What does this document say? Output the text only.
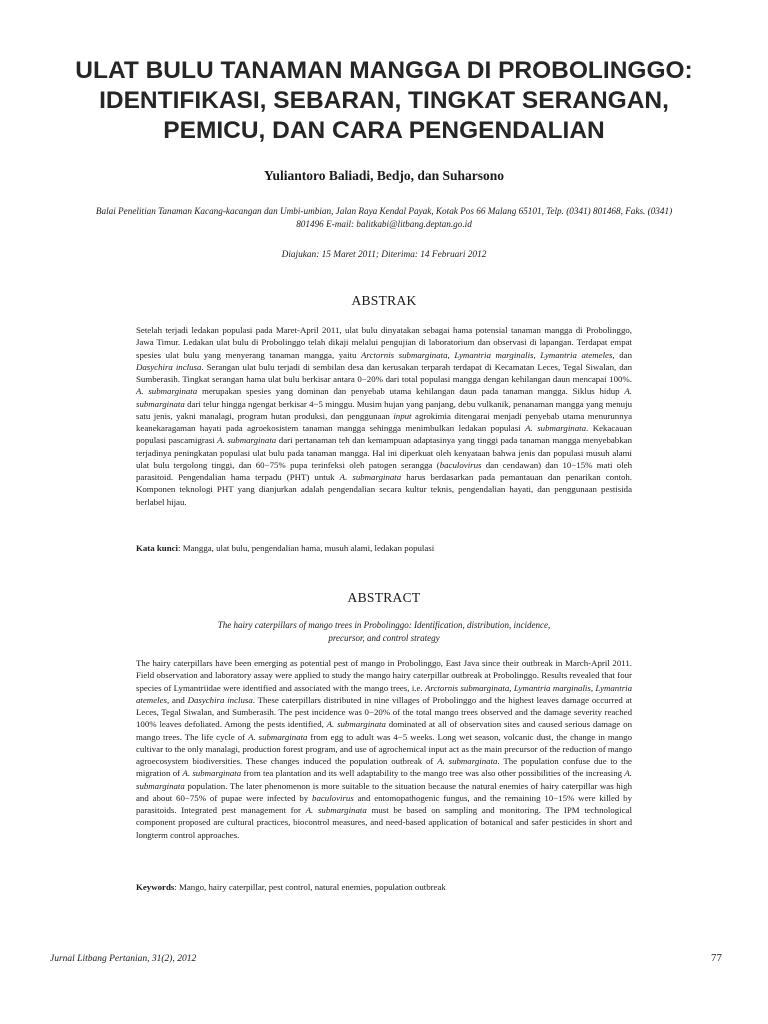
ULAT BULU TANAMAN MANGGA DI PROBOLINGGO:
IDENTIFIKASI, SEBARAN, TINGKAT SERANGAN,
PEMICU, DAN CARA PENGENDALIAN
Yuliantoro Baliadi, Bedjo, dan Suharsono
Balai Penelitian Tanaman Kacang-kacangan dan Umbi-umbian, Jalan Raya Kendal Payak, Kotak Pos 66 Malang 65101, Telp. (0341) 801468, Faks. (0341)
801496 E-mail: balitkabi@litbang.deptan.go.id
Diajukan: 15 Maret 2011; Diterima: 14 Februari 2012
ABSTRAK

Setelah terjadi ledakan populasi pada Maret-April 2011, ulat bulu dinyatakan sebagai hama potensial tanaman mangga di Probolinggo, Jawa Timur. Ledakan ulat bulu di Probolinggo telah dikaji melalui pengujian di laboratorium dan observasi di lapangan. Terdapat empat spesies ulat bulu yang menyerang tanaman mangga, yaitu Arctornis submarginata, Lymantria marginalis, Lymantria atemeles, dan Dasychira inclusa. Serangan ulat bulu terjadi di sembilan desa dan kerusakan terparah terdapat di Kecamatan Leces, Tegal Siwalan, dan Sumberasih. Tingkat serangan hama ulat bulu berkisar antara 0−20% dari total populasi mangga dengan kehilangan daun mencapai 100%. A. submarginata merupakan spesies yang dominan dan penyebab utama kehilangan daun pada tanaman mangga. Siklus hidup A. submarginata dari telur hingga ngengat berkisar 4−5 minggu. Musim hujan yang panjang, debu vulkanik, penanaman mangga yang menuju satu jenis, yakni manalagi, program hutan produksi, dan penggunaan input agrokimia ditengarai menjadi penyebab utama menurunnya keanekaragaman hayati pada agroekosistem tanaman mangga sehingga menimbulkan ledakan populasi A. submarginata. Kekacauan populasi pascamigrasi A. submarginata dari pertanaman teh dan kemampuan adaptasinya yang tinggi pada tanaman mangga menyebabkan terjadinya peningkatan populasi ulat bulu pada tanaman mangga. Hal ini diperkuat oleh kenyataan bahwa jenis dan populasi musuh alami ulat bulu tergolong tinggi, dan 60−75% pupa terinfeksi oleh patogen serangga (baculovirus dan cendawan) dan 10−15% mati oleh parasitoid. Pengendalian hama terpadu (PHT) untuk A. submarginata harus berdasarkan pada pemantauan dan penarikan contoh. Komponen teknologi PHT yang dianjurkan adalah pengendalian secara kultur teknis, pengendalian hayati, dan penggunaan pestisida berlabel hijau.

Kata kunci: Mangga, ulat bulu, pengendalian hama, musuh alami, ledakan populasi
ABSTRACT
The hairy caterpillars of mango trees in Probolinggo: Identification, distribution, incidence,
precursor, and control strategy

The hairy caterpillars have been emerging as potential pest of mango in Probolinggo, East Java since their outbreak in March-April 2011. Field observation and laboratory assay were applied to study the mango hairy caterpillar outbreak at Probolinggo. Results revealed that four species of Lymantriidae were identified and associated with the mango trees, i.e. Arctornis submarginata, Lymantria marginalis, Lymantria atemeles, and Dasychira inclusa. These caterpillars distributed in nine villages of Probolinggo and the highest leaves damage occurred at Leces, Tegal Siwalan, and Sumberasih. The pest incidence was 0−20% of the total mango trees observed and the damage severity reached 100% leaves defoliated. Among the pests identified, A. submarginata dominated at all of observation sites and caused serious damage on mango trees. The life cycle of A. submarginata from egg to adult was 4−5 weeks. Long wet season, volcanic dust, the change in mango cultivar to the only manalagi, production forest program, and use of agrochemical input act as the main precursor of the reduction of mango agroecosystem biodiversities. These changes induced the population outbreak of A. submarginata. The population confuse due to the migration of A. submarginata from tea plantation and its well adaptability to the mango tree was also other possibilities of the increasing A. submarginata population. The later phenomenon is more suitable to the situation because the natural enemies of hairy caterpillar was high and about 60−75% of pupae were infected by baculovirus and entomopathogenic fungus, and the remaining 10−15% were killed by parasitoids. Integrated pest management for A. submarginata must be based on sampling and monitoring. The IPM technological component proposed are cultural practices, biocontrol measures, and need-based application of botanical and safer pesticides in short and longterm control approaches.

Keywords: Mango, hairy caterpillar, pest control, natural enemies, population outbreak
Jurnal Litbang Pertanian, 31(2), 2012	77
